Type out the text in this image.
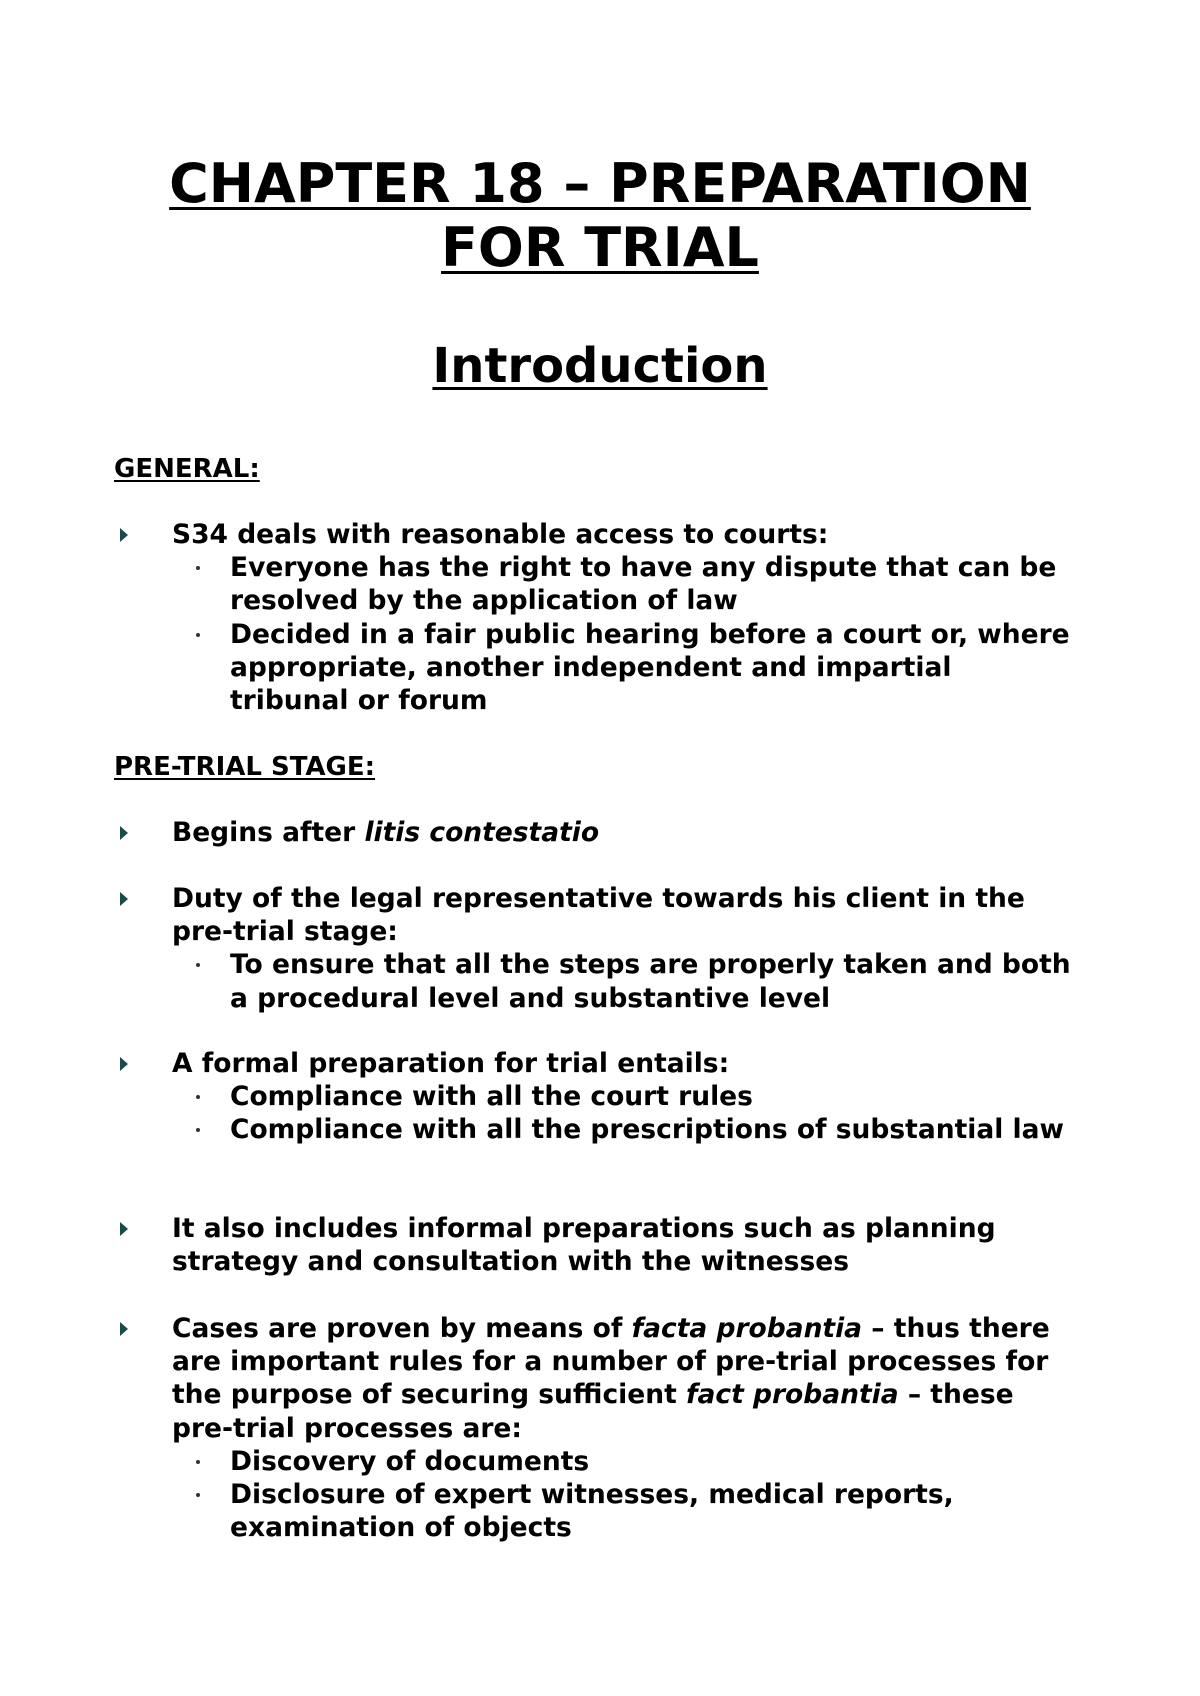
CHAPTER 18 – PREPARATION
FOR TRIAL
Introduction
GENERAL:
S34 deals with reasonable access to courts:
Everyone has the right to have any dispute that can be resolved by the application of law
Decided in a fair public hearing before a court or, where appropriate, another independent and impartial tribunal or forum
PRE-TRIAL STAGE:
Begins after litis contestatio
Duty of the legal representative towards his client in the pre-trial stage:
To ensure that all the steps are properly taken and both a procedural level and substantive level
A formal preparation for trial entails:
Compliance with all the court rules
Compliance with all the prescriptions of substantial law
It also includes informal preparations such as planning strategy and consultation with the witnesses
Cases are proven by means of facta probantia – thus there are important rules for a number of pre-trial processes for the purpose of securing sufficient fact probantia – these pre-trial processes are:
Discovery of documents
Disclosure of expert witnesses, medical reports, examination of objects
